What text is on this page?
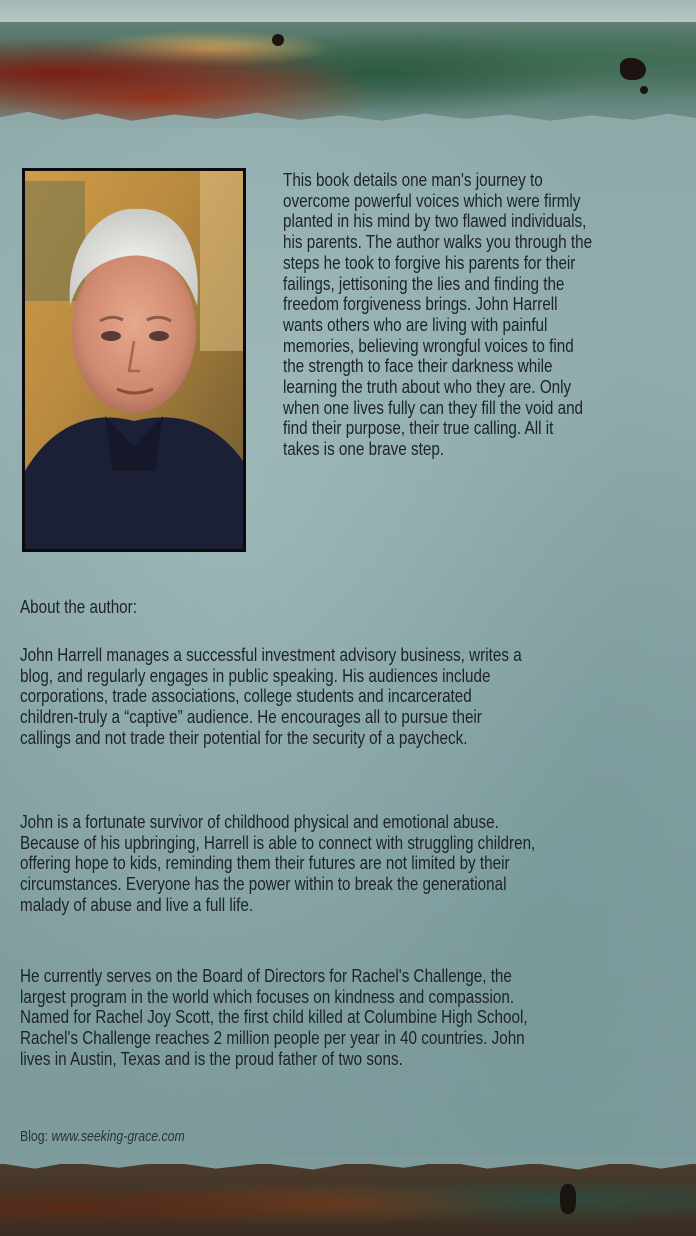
This book details one man's journey to
overcome powerful voices which were firmly
planted in his mind by two flawed individuals,
his parents. The author walks you through the
steps he took to forgive his parents for their
failings, jettisoning the lies and finding the
freedom forgiveness brings. John Harrell
wants others who are living with painful
memories, believing wrongful voices to find
the strength to face their darkness while
learning the truth about who they are. Only
when one lives fully can they fill the void and
find their purpose, their true calling. All it
takes is one brave step.
About the author:

John Harrell manages a successful investment advisory business, writes a

blog, and regularly engages in public speaking. His audiences include

corporations, trade associations, college students and incarcerated

children-truly a “captive” audience. He encourages all to pursue their

callings and not trade their potential for the security of a paycheck.

John is a fortunate survivor of childhood physical and emotional abuse.

Because of his upbringing, Harrell is able to connect with struggling children,

offering hope to kids, reminding them their futures are not limited by their

circumstances. Everyone has the power within to break the generational

malady of abuse and live a full life.

He currently serves on the Board of Directors for Rachel's Challenge, the

largest program in the world which focuses on kindness and compassion.

Named for Rachel Joy Scott, the first child killed at Columbine High School,

Rachel's Challenge reaches 2 million people per year in 40 countries. John

lives in Austin, Texas and is the proud father of two sons.

Blog: www.seeking-grace.com
